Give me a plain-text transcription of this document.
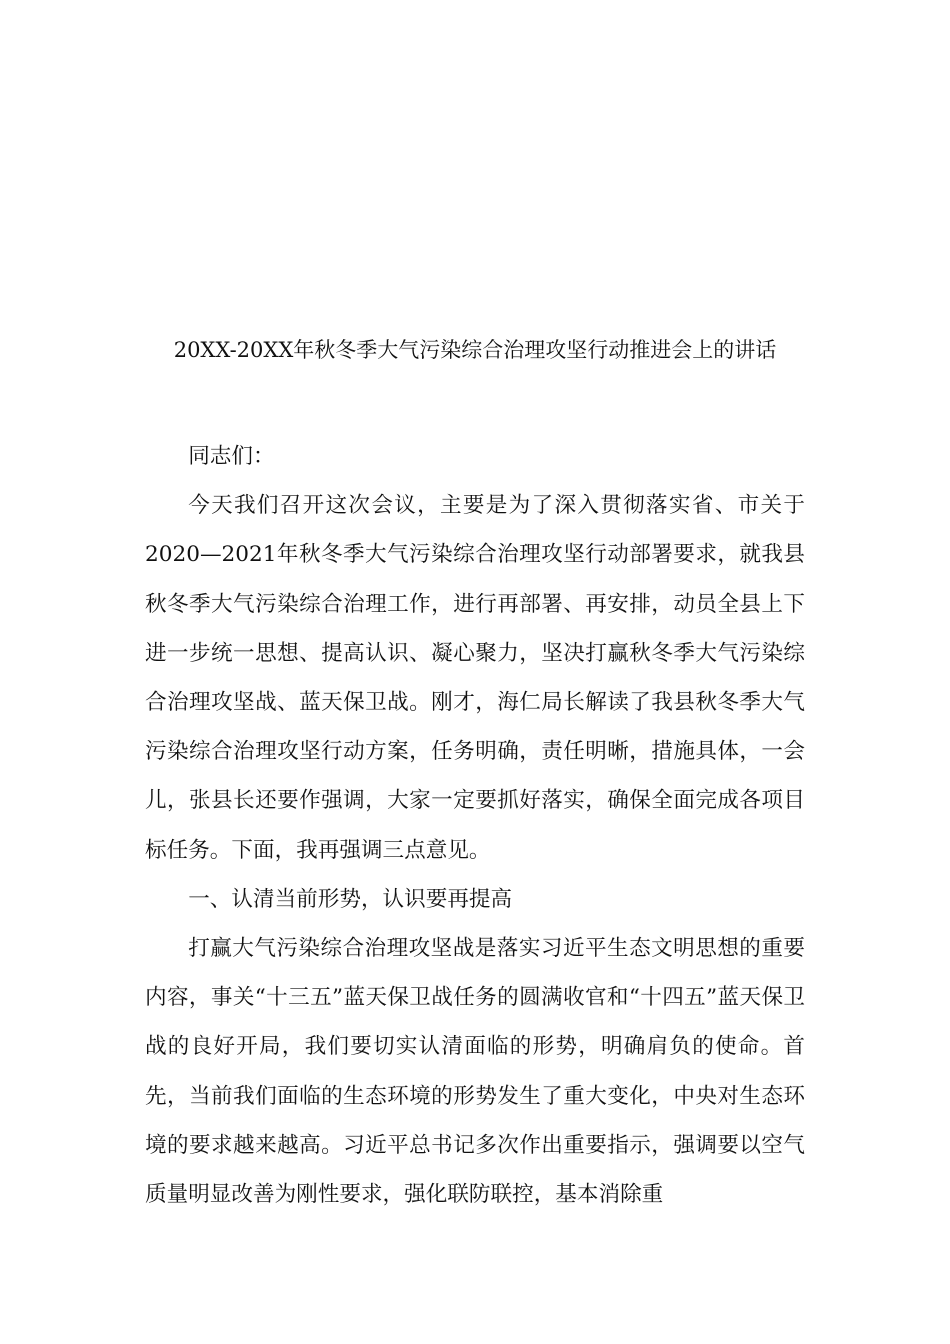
20XX-20XX年秋冬季大气污染综合治理攻坚行动推进会上的讲话

同志们：

今天我们召开这次会议，主要是为了深入贯彻落实省、市关于2020—2021年秋冬季大气污染综合治理攻坚行动部署要求，就我县秋冬季大气污染综合治理工作，进行再部署、再安排，动员全县上下进一步统一思想、提高认识、凝心聚力，坚决打赢秋冬季大气污染综合治理攻坚战、蓝天保卫战。刚才，海仁局长解读了我县秋冬季大气污染综合治理攻坚行动方案，任务明确，责任明晰，措施具体，一会儿，张县长还要作强调，大家一定要抓好落实，确保全面完成各项目标任务。下面，我再强调三点意见。

一、认清当前形势，认识要再提高

打赢大气污染综合治理攻坚战是落实习近平生态文明思想的重要内容，事关“十三五”蓝天保卫战任务的圆满收官和“十四五”蓝天保卫战的良好开局，我们要切实认清面临的形势，明确肩负的使命。首先，当前我们面临的生态环境的形势发生了重大变化，中央对生态环境的要求越来越高。习近平总书记多次作出重要指示，强调要以空气质量明显改善为刚性要求，强化联防联控，基本消除重
